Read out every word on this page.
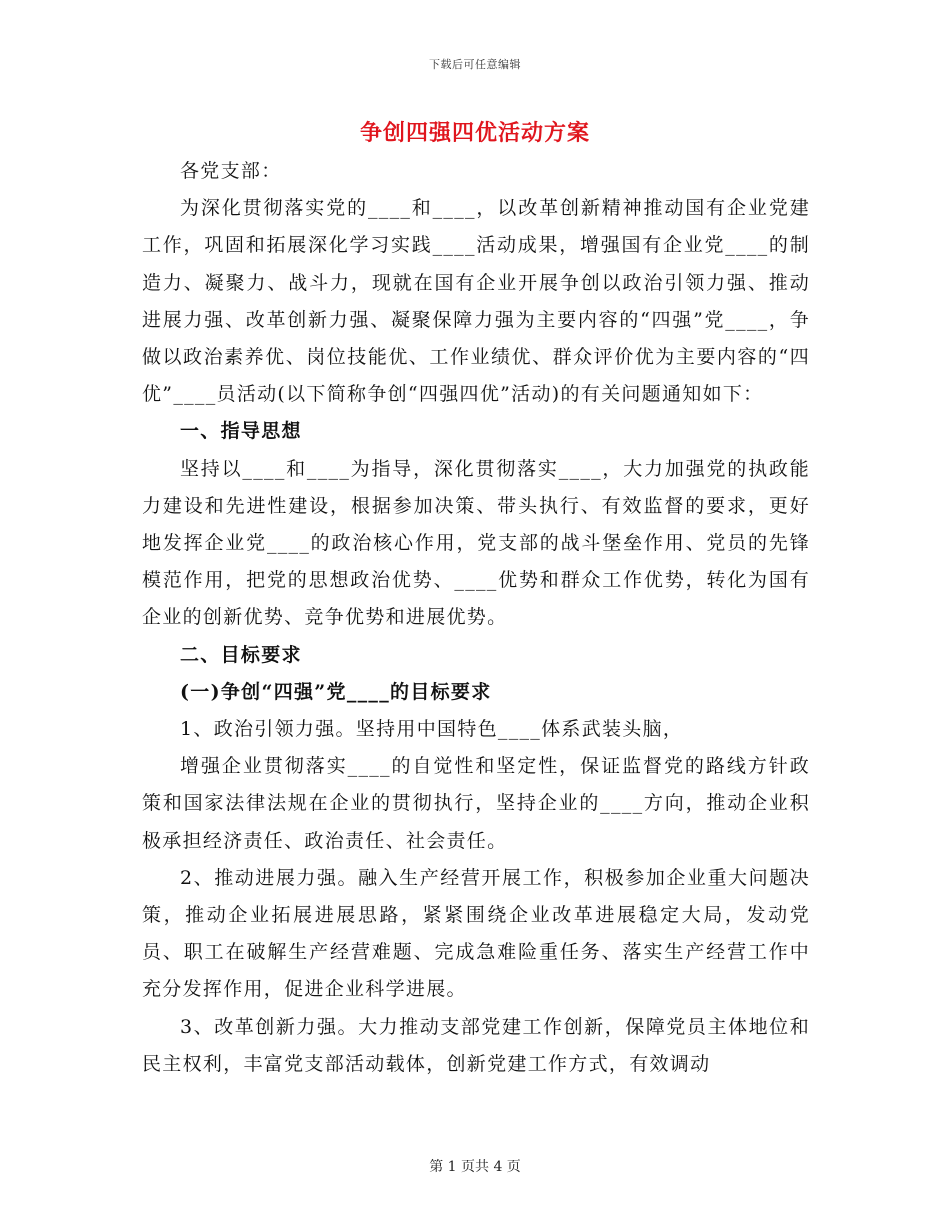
下载后可任意编辑
争创四强四优活动方案

各党支部：

为深化贯彻落实党的____和____，以改革创新精神推动国有企业党建工作，巩固和拓展深化学习实践____活动成果，增强国有企业党____的制造力、凝聚力、战斗力，现就在国有企业开展争创以政治引领力强、推动进展力强、改革创新力强、凝聚保障力强为主要内容的“四强”党____，争做以政治素养优、岗位技能优、工作业绩优、群众评价优为主要内容的“四优”____员活动(以下简称争创“四强四优”活动)的有关问题通知如下：

一、指导思想

坚持以____和____为指导，深化贯彻落实____，大力加强党的执政能力建设和先进性建设，根据参加决策、带头执行、有效监督的要求，更好地发挥企业党____的政治核心作用，党支部的战斗堡垒作用、党员的先锋模范作用，把党的思想政治优势、____优势和群众工作优势，转化为国有企业的创新优势、竞争优势和进展优势。

二、目标要求
(一)争创“四强”党____的目标要求

1、政治引领力强。坚持用中国特色____体系武装头脑，

增强企业贯彻落实____的自觉性和坚定性，保证监督党的路线方针政策和国家法律法规在企业的贯彻执行，坚持企业的____方向，推动企业积极承担经济责任、政治责任、社会责任。

2、推动进展力强。融入生产经营开展工作，积极参加企业重大问题决策，推动企业拓展进展思路，紧紧围绕企业改革进展稳定大局，发动党员、职工在破解生产经营难题、完成急难险重任务、落实生产经营工作中充分发挥作用，促进企业科学进展。

3、改革创新力强。大力推动支部党建工作创新，保障党员主体地位和民主权利，丰富党支部活动载体，创新党建工作方式，有效调动

第 1 页共 4 页
